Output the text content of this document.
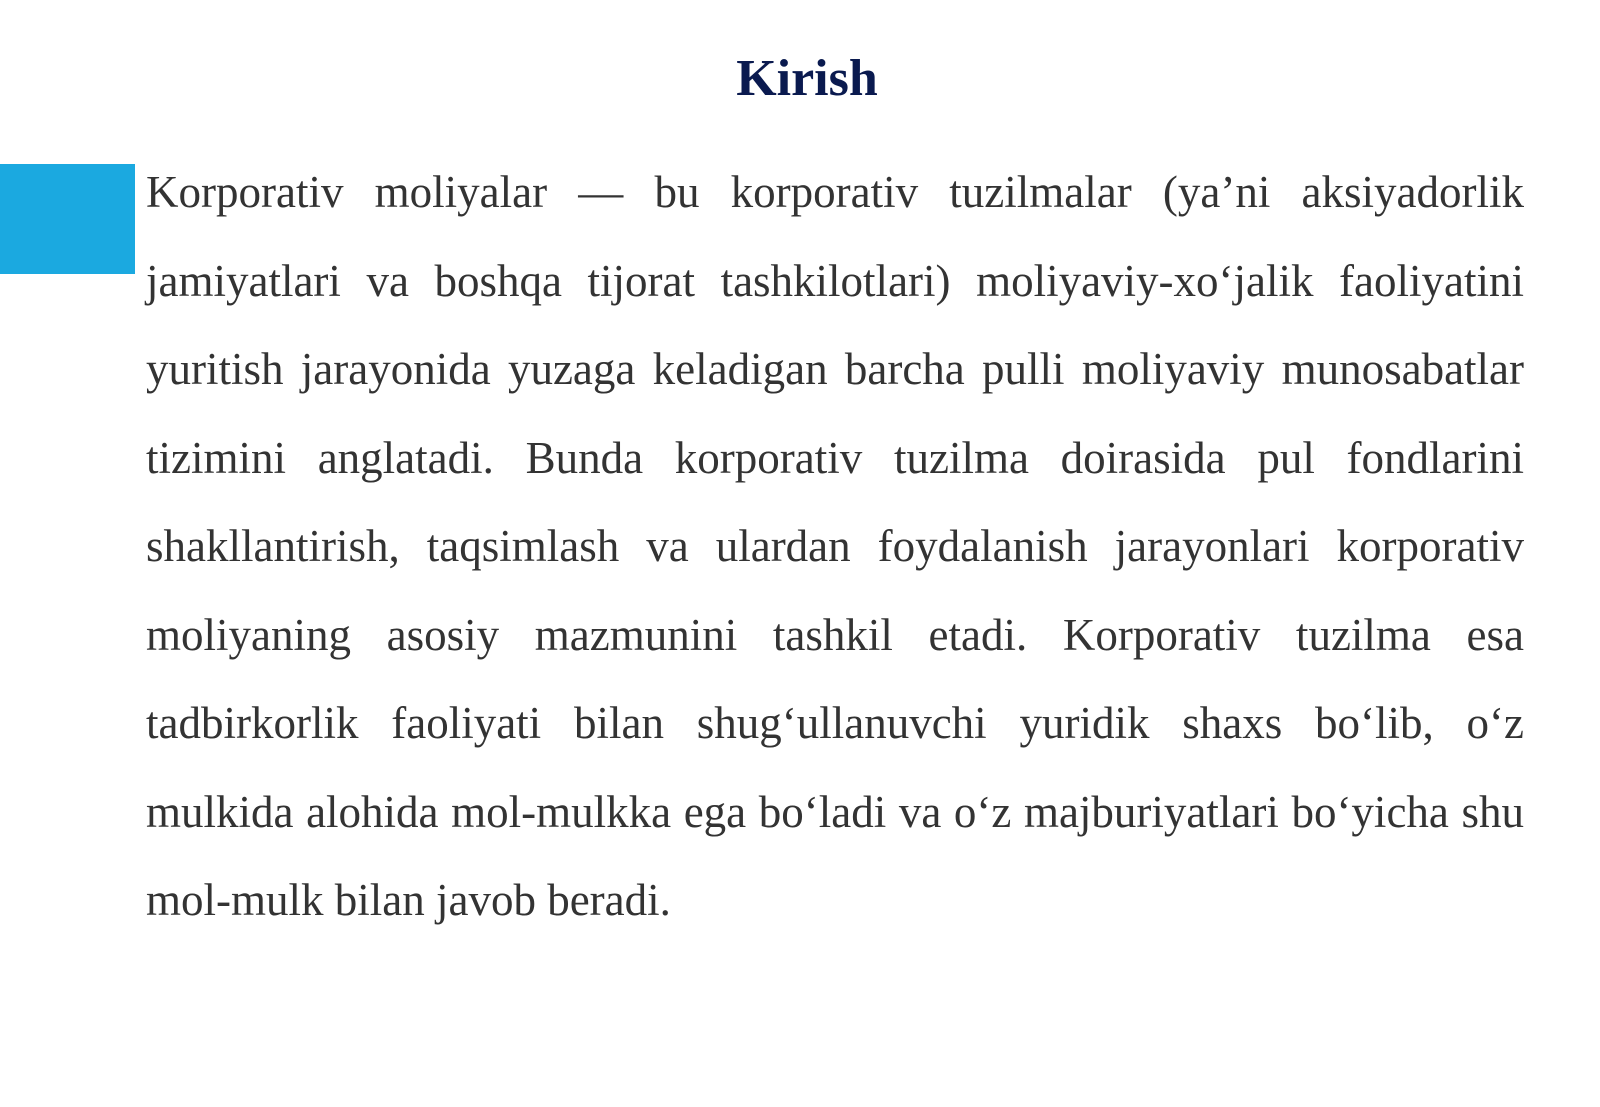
Kirish

Korporativ moliyalar — bu korporativ tuzilmalar (ya’ni aksiyadorlik jamiyatlari va boshqa tijorat tashkilotlari) moliyaviy-xo‘jalik faoliyatini yuritish jarayonida yuzaga keladigan barcha pulli moliyaviy munosabatlar tizimini anglatadi. Bunda korporativ tuzilma doirasida pul fondlarini shakllantirish, taqsimlash va ulardan foydalanish jarayonlari korporativ moliyaning asosiy mazmunini tashkil etadi. Korporativ tuzilma esa tadbirkorlik faoliyati bilan shug‘ullanuvchi yuridik shaxs bo‘lib, o‘z mulkida alohida mol-mulkka ega bo‘ladi va o‘z majburiyatlari bo‘yicha shu mol-mulk bilan javob beradi.
